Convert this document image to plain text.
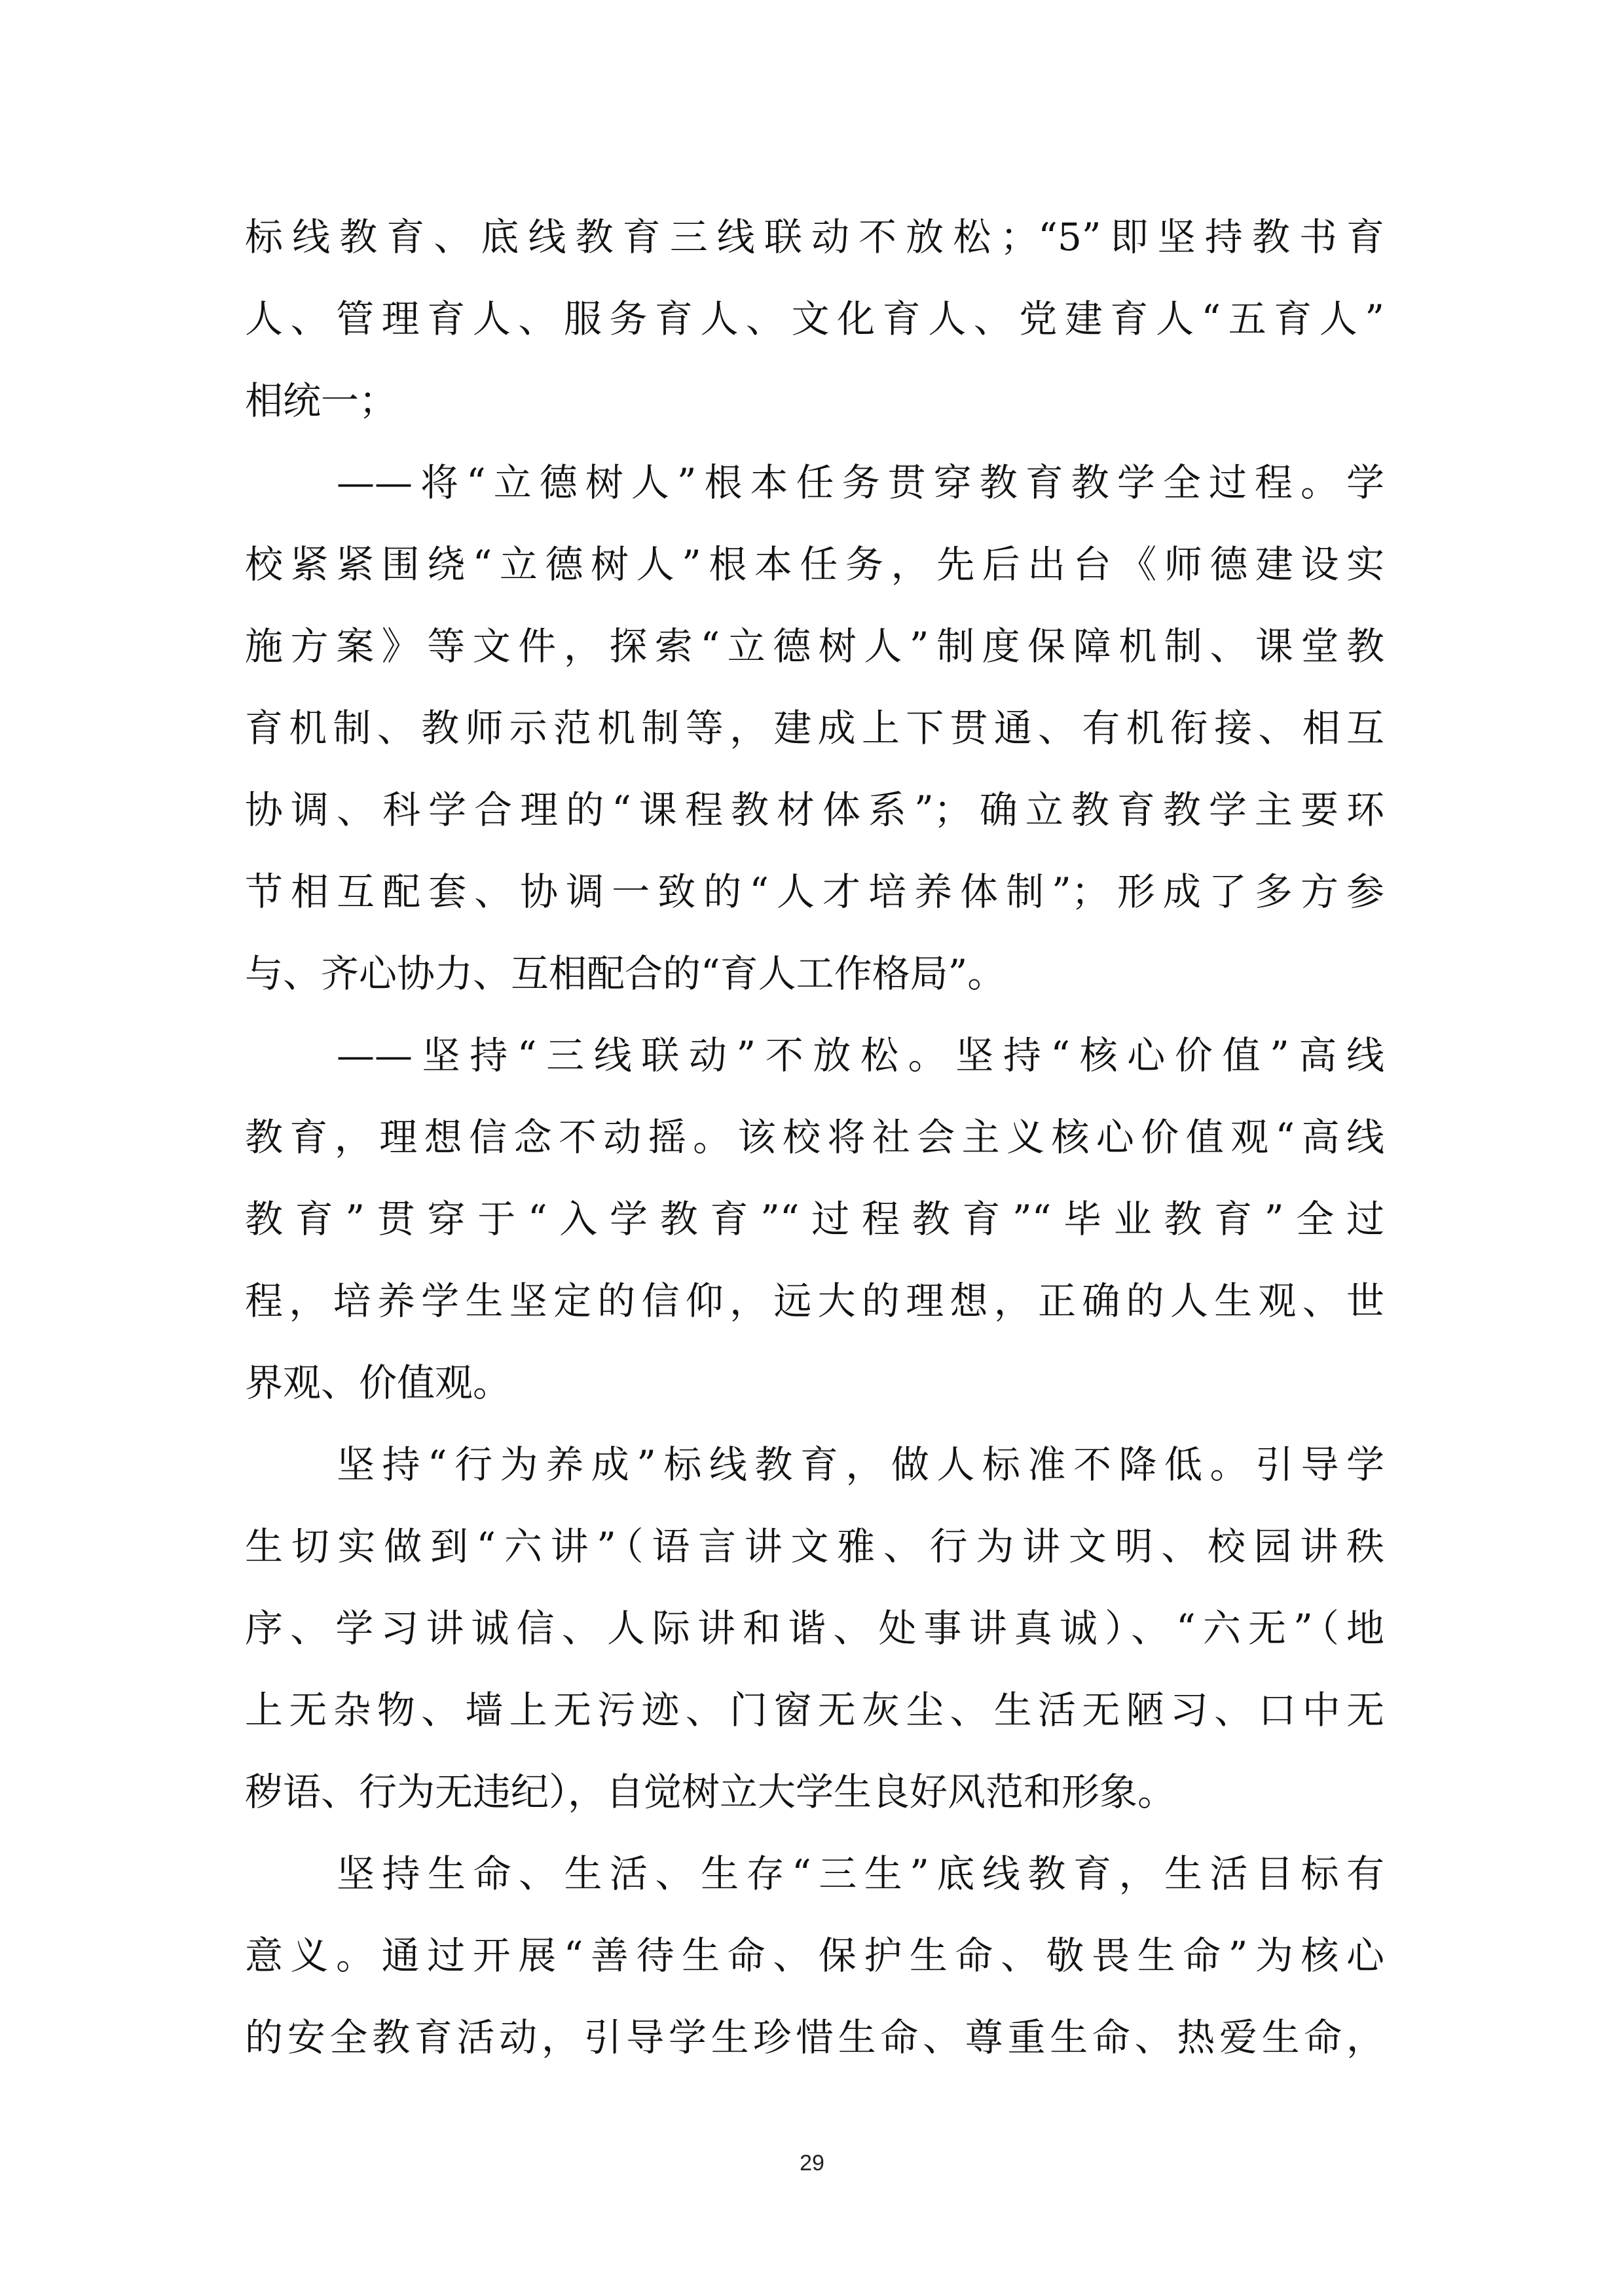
标线教育、底线教育三线联动不放松；“5”即坚持教书育
人、管理育人、服务育人、文化育人、党建育人“五育人”
相统一；
——将“立德树人”根本任务贯穿教育教学全过程。学
校紧紧围绕“立德树人”根本任务，先后出台《师德建设实
施方案》等文件，探索“立德树人”制度保障机制、课堂教
育机制、教师示范机制等，建成上下贯通、有机衔接、相互
协调、科学合理的“课程教材体系”；确立教育教学主要环
节相互配套、协调一致的“人才培养体制”；形成了多方参
与、齐心协力、互相配合的“育人工作格局”。
——坚持“三线联动”不放松。坚持“核心价值”高线
教育，理想信念不动摇。该校将社会主义核心价值观“高线
教育”贯穿于“入学教育”“过程教育”“毕业教育”全过
程，培养学生坚定的信仰，远大的理想，正确的人生观、世
界观、价值观。
坚持“行为养成”标线教育，做人标准不降低。引导学
生切实做到“六讲”（语言讲文雅、行为讲文明、校园讲秩
序、学习讲诚信、人际讲和谐、处事讲真诚）、“六无”（地
上无杂物、墙上无污迹、门窗无灰尘、生活无陋习、口中无
秽语、行为无违纪），自觉树立大学生良好风范和形象。
坚持生命、生活、生存“三生”底线教育，生活目标有
意义。通过开展“善待生命、保护生命、敬畏生命”为核心
的安全教育活动，引导学生珍惜生命、尊重生命、热爱生命，
29
